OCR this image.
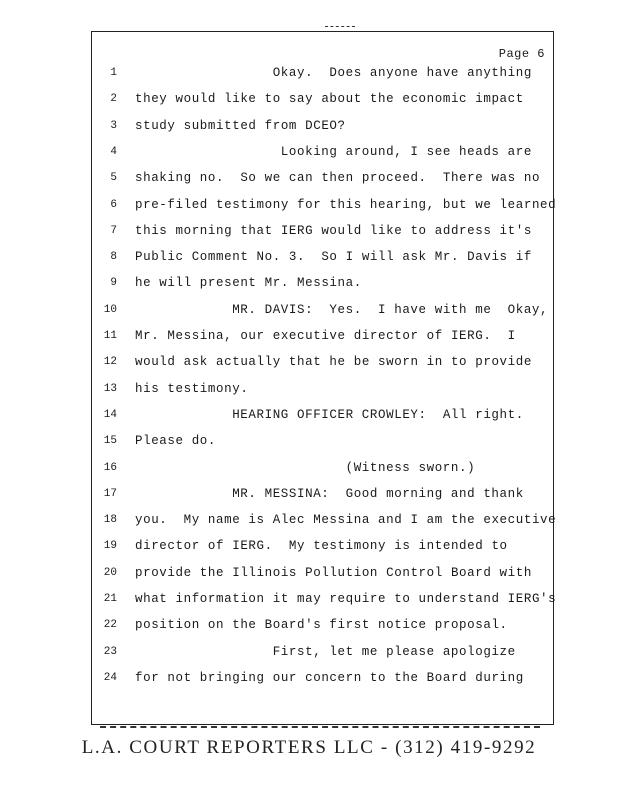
Page 6
1	Okay.  Does anyone have anything
2 they would like to say about the economic impact
3 study submitted from DCEO?
4	Looking around, I see heads are
5 shaking no.  So we can then proceed.  There was no
6 pre-filed testimony for this hearing, but we learned
7 this morning that IERG would like to address it's
8 Public Comment No. 3.  So I will ask Mr. Davis if
9 he will present Mr. Messina.
10	MR. DAVIS:  Yes.  I have with me  Okay,
11 Mr. Messina, our executive director of IERG.  I
12 would ask actually that he be sworn in to provide
13 his testimony.
14	HEARING OFFICER CROWLEY:  All right.
15 Please do.
16	(Witness sworn.)
17	MR. MESSINA:  Good morning and thank
18 you.  My name is Alec Messina and I am the executive
19 director of IERG.  My testimony is intended to
20 provide the Illinois Pollution Control Board with
21 what information it may require to understand IERG's
22 position on the Board's first notice proposal.
23	First, let me please apologize
24 for not bringing our concern to the Board during
L.A. COURT REPORTERS LLC - (312) 419-9292
